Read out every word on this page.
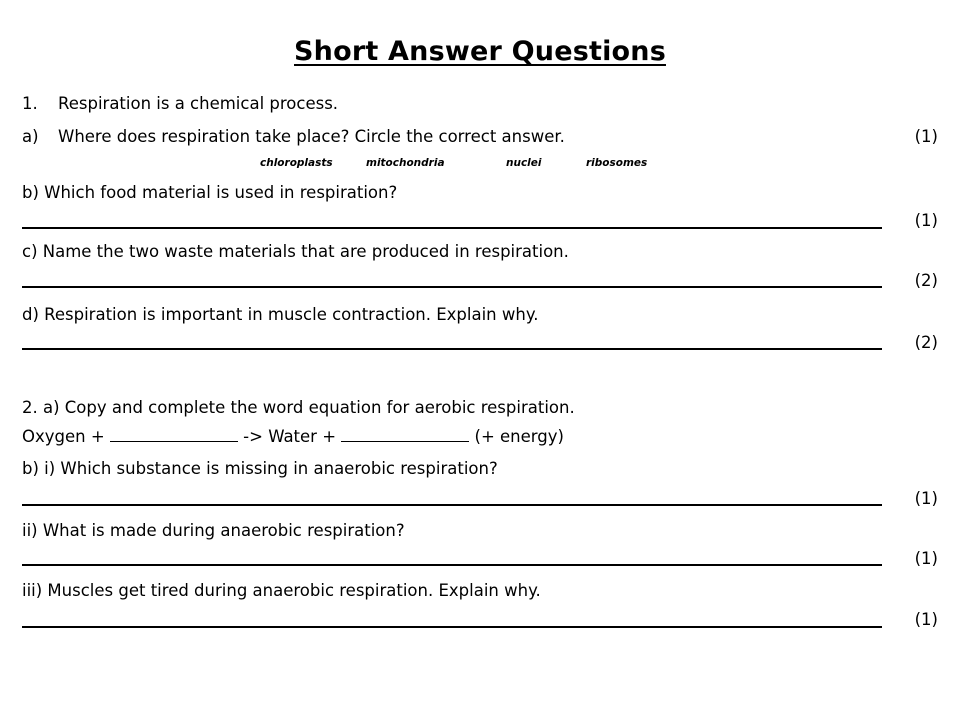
Short Answer Questions
1. Respiration is a chemical process.
a) Where does respiration take place? Circle the correct answer.	(1)
chloroplasts	mitochondria	nuclei	ribosomes
b) Which food material is used in respiration?
(1)
c) Name the two waste materials that are produced in respiration.
(2)
d) Respiration is important in muscle contraction. Explain why.
(2)
2. a) Copy and complete the word equation for aerobic respiration.
Oxygen +	-> Water +	(+ energy)
b) i) Which substance is missing in anaerobic respiration?
(1)
ii) What is made during anaerobic respiration?
(1)
iii) Muscles get tired during anaerobic respiration. Explain why.
(1)
